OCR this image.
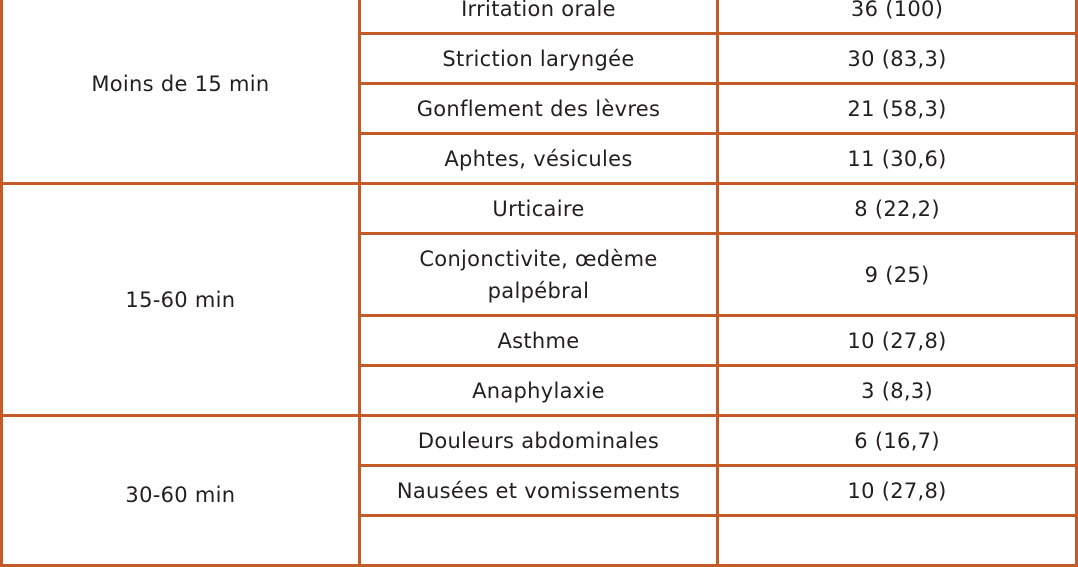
Moins de 15 min	Irritation orale	36 (100)
	Striction laryngée	30 (83,3)
	Gonflement des lèvres	21 (58,3)
	Aphtes, vésicules	11 (30,6)
15-60 min	Urticaire	8 (22,2)
	Conjonctivite, œdème palpébral	9 (25)
	Asthme	10 (27,8)
	Anaphylaxie	3 (8,3)
30-60 min	Douleurs abdominales	6 (16,7)
	Nausées et vomissements	10 (27,8)
